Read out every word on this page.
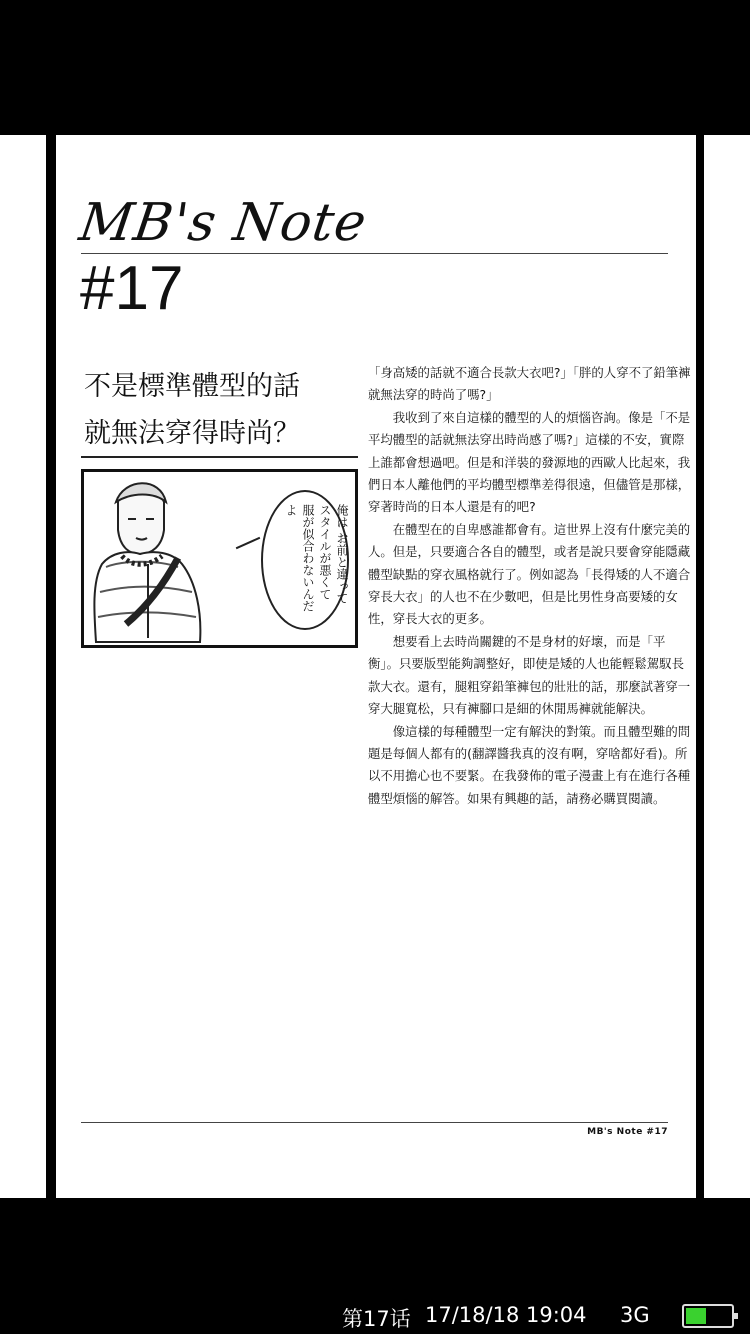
MB's Note
#17
不是標準體型的話
就無法穿得時尚？
俺は お前と違って
スタイルが悪くて
服が似合わないんだよ

「身高矮的話就不適合長款大衣吧?」「胖的人穿不了鉛筆褲就無法穿的時尚了嗎?」

我收到了來自這樣的體型的人的煩惱咨詢。像是「不是平均體型的話就無法穿出時尚感了嗎?」這樣的不安，實際上誰都會想過吧。但是和洋裝的發源地的西歐人比起來，我們日本人離他們的平均體型標準差得很遠，但儘管是那樣，穿著時尚的日本人還是有的吧?

在體型在的自卑感誰都會有。這世界上沒有什麼完美的人。但是，只要適合各自的體型，或者是說只要會穿能隱藏體型缺點的穿衣風格就行了。例如認為「長得矮的人不適合穿長大衣」的人也不在少數吧，但是比男性身高要矮的女性，穿長大衣的更多。

想要看上去時尚關鍵的不是身材的好壞，而是「平衡」。只要版型能夠調整好，即使是矮的人也能輕鬆駕馭長款大衣。還有，腿粗穿鉛筆褲包的壯壯的話，那麼試著穿一穿大腿寬松，只有褲腳口是細的休閒馬褲就能解決。

像這樣的每種體型一定有解決的對策。而且體型難的問題是每個人都有的(翻譯醬我真的沒有啊，穿啥都好看)。所以不用擔心也不要緊。在我發佈的電子漫畫上有在進行各種體型煩惱的解答。如果有興趣的話，請務必購買閱讀。

MB's Note #17
第17话 17/18/18 19:04 3G
